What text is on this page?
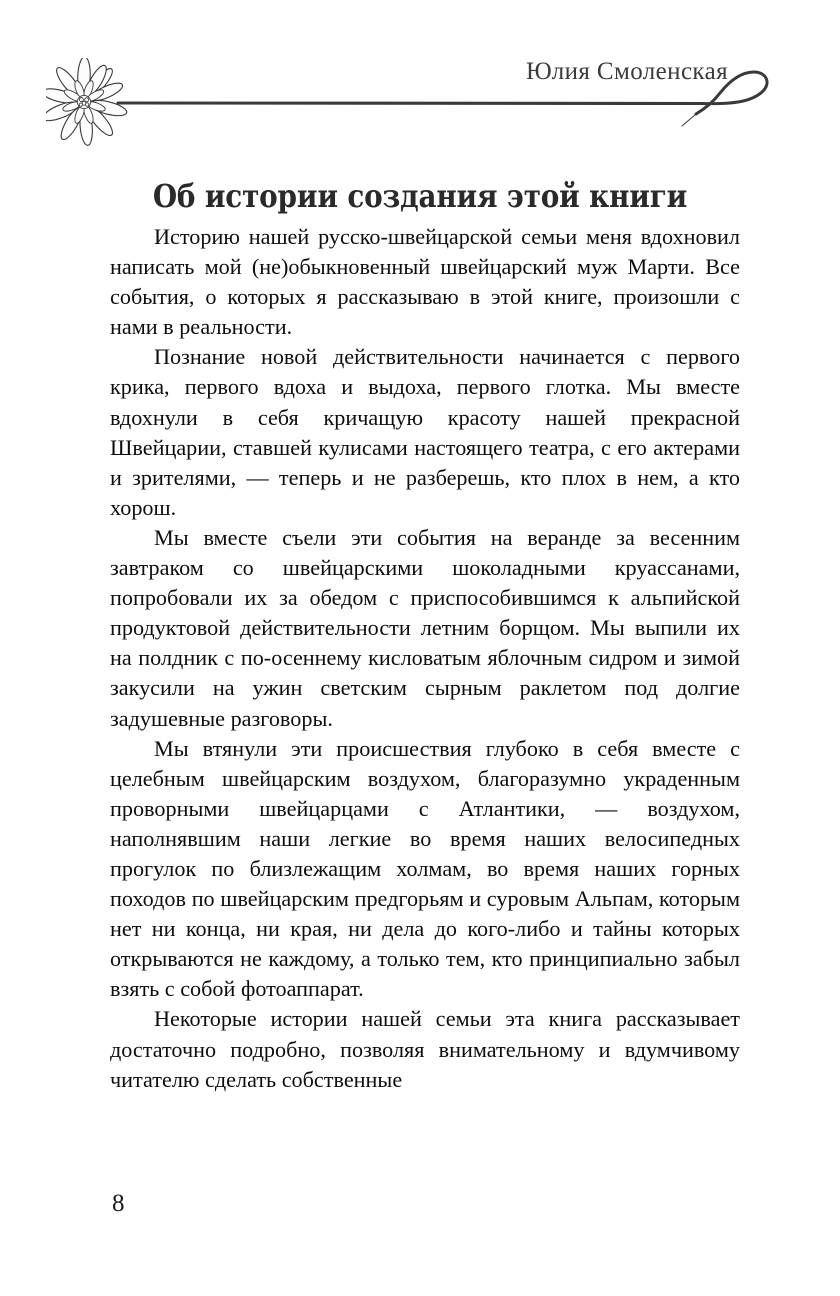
Юлия Смоленская
Об истории создания этой книги

Историю нашей русско-швейцарской семьи меня вдохновил написать мой (не)обыкновенный швейцарский муж Марти. Все события, о которых я рассказываю в этой книге, произошли с нами в реальности.

Познание новой действительности начинается с первого крика, первого вдоха и выдоха, первого глотка. Мы вместе вдохнули в себя кричащую красоту нашей прекрасной Швейцарии, ставшей кулисами настоящего театра, с его актерами и зрителями, — теперь и не разберешь, кто плох в нем, а кто хорош.

Мы вместе съели эти события на веранде за весенним завтраком со швейцарскими шоколадными круассанами, попробовали их за обедом с приспособившимся к альпийской продуктовой действительности летним борщом. Мы выпили их на полдник с по-осеннему кисловатым яблочным сидром и зимой закусили на ужин светским сырным раклетом под долгие задушевные разговоры.

Мы втянули эти происшествия глубоко в себя вместе с целебным швейцарским воздухом, благоразумно украденным проворными швейцарцами с Атлантики, — воздухом, наполнявшим наши легкие во время наших велосипедных прогулок по близлежащим холмам, во время наших горных походов по швейцарским предгорьям и суровым Альпам, которым нет ни конца, ни края, ни дела до кого-либо и тайны которых открываются не каждому, а только тем, кто принципиально забыл взять с собой фотоаппарат.

Некоторые истории нашей семьи эта книга рассказывает достаточно подробно, позволяя внимательному и вдумчивому читателю сделать собственные

8
